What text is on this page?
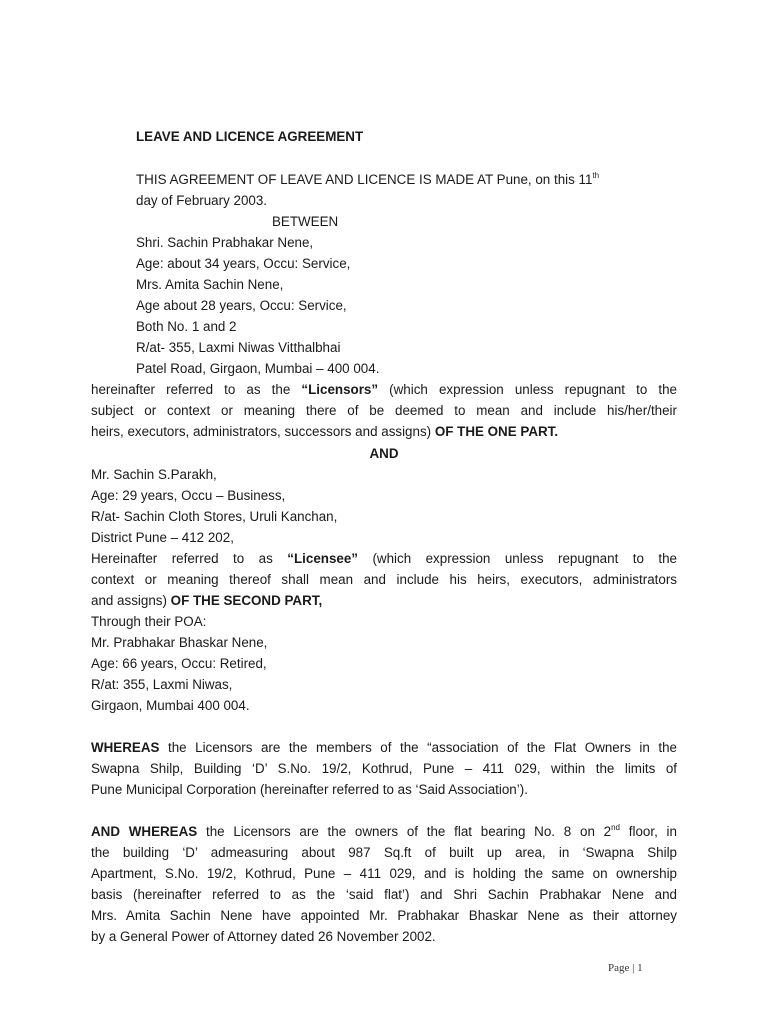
LEAVE AND LICENCE AGREEMENT
THIS AGREEMENT OF LEAVE AND LICENCE IS MADE AT Pune, on this 11th
day of February 2003.
BETWEEN
Shri. Sachin Prabhakar Nene,
Age: about 34 years, Occu: Service,
Mrs. Amita Sachin Nene,
Age about 28 years, Occu: Service,
Both No. 1 and 2
R/at- 355, Laxmi Niwas Vitthalbhai
Patel Road, Girgaon, Mumbai – 400 004.
hereinafter referred to as the “Licensors” (which expression unless repugnant to the
subject or context or meaning there of be deemed to mean and include his/her/their
heirs, executors, administrators, successors and assigns) OF THE ONE PART.
AND
Mr. Sachin S.Parakh,
Age: 29 years, Occu – Business,
R/at- Sachin Cloth Stores, Uruli Kanchan,
District Pune – 412 202,
Hereinafter referred to as “Licensee” (which expression unless repugnant to the
context or meaning thereof shall mean and include his heirs, executors, administrators
and assigns) OF THE SECOND PART,
Through their POA:
Mr. Prabhakar Bhaskar Nene,
Age: 66 years, Occu: Retired,
R/at: 355, Laxmi Niwas,
Girgaon, Mumbai 400 004.
WHEREAS the Licensors are the members of the “association of the Flat Owners in the
Swapna Shilp, Building ‘D’ S.No. 19/2, Kothrud, Pune – 411 029, within the limits of
Pune Municipal Corporation (hereinafter referred to as ‘Said Association’).
AND WHEREAS the Licensors are the owners of the flat bearing No. 8 on 2nd floor, in
the building ‘D’ admeasuring about 987 Sq.ft of built up area, in ‘Swapna Shilp
Apartment, S.No. 19/2, Kothrud, Pune – 411 029, and is holding the same on ownership
basis (hereinafter referred to as the ‘said flat’) and Shri Sachin Prabhakar Nene and
Mrs. Amita Sachin Nene have appointed Mr. Prabhakar Bhaskar Nene as their attorney
by a General Power of Attorney dated 26 November 2002.
Page | 1
